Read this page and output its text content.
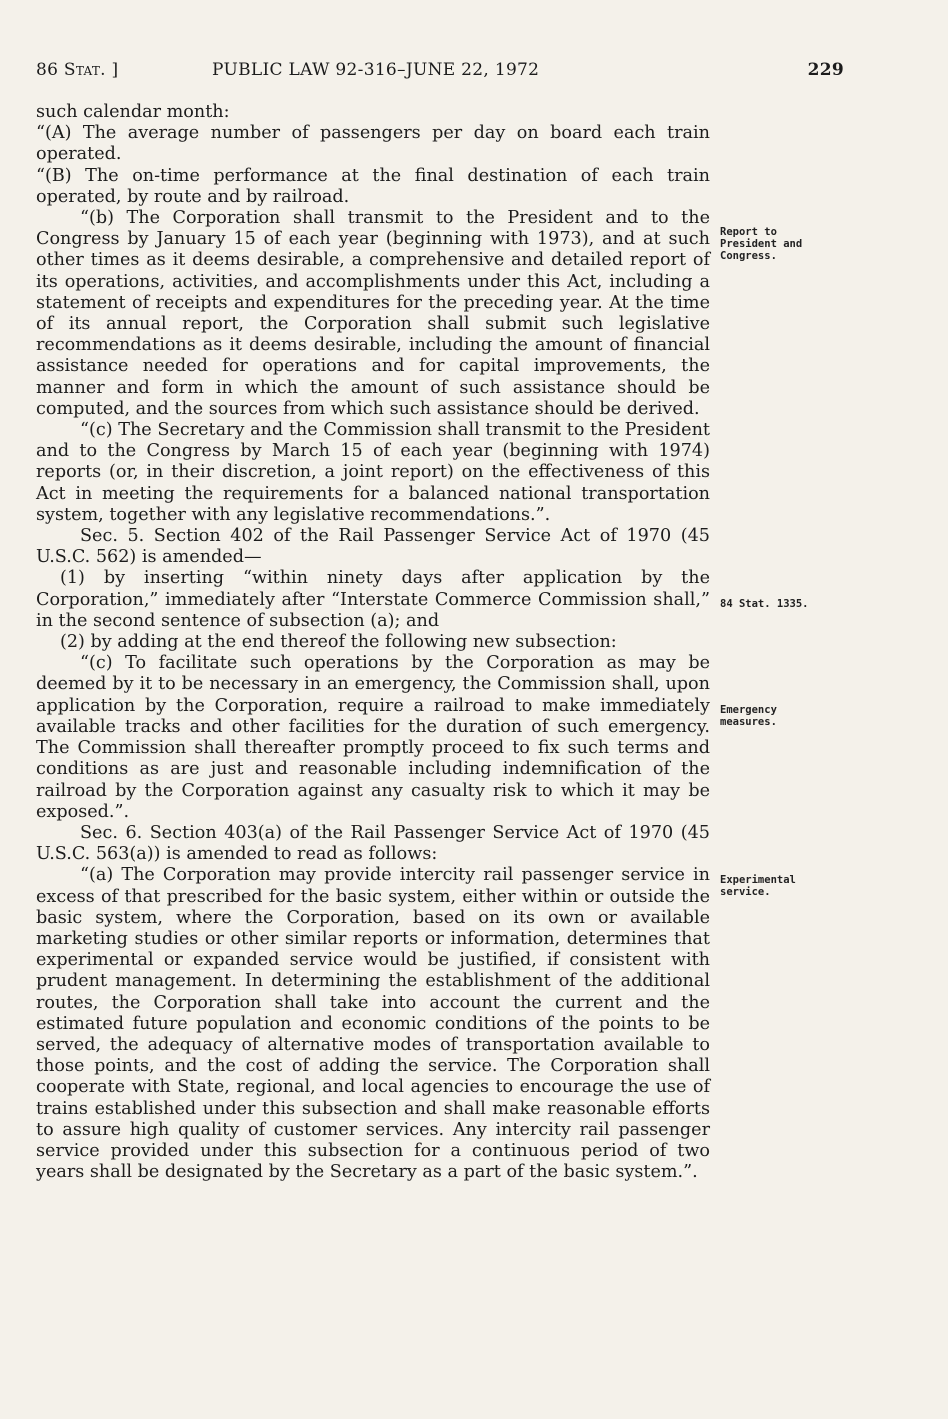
86 Stat. ]	PUBLIC LAW 92-316–JUNE 22, 1972	229

such calendar month:

“(A) The average number of passengers per day on board each train operated.

“(B) The on-time performance at the final destination of each train operated, by route and by railroad.

“(b) The Corporation shall transmit to the President and to the Congress by January 15 of each year (beginning with 1973), and at such other times as it deems desirable, a comprehensive and detailed report of its operations, activities, and accomplishments under this Act, including a statement of receipts and expenditures for the preceding year. At the time of its annual report, the Corporation shall submit such legislative recommendations as it deems desirable, including the amount of financial assistance needed for operations and for capital improvements, the manner and form in which the amount of such assistance should be computed, and the sources from which such assistance should be derived.

“(c) The Secretary and the Commission shall transmit to the President and to the Congress by March 15 of each year (beginning with 1974) reports (or, in their discretion, a joint report) on the effectiveness of this Act in meeting the requirements for a balanced national transportation system, together with any legislative recommendations.”.

Sec. 5. Section 402 of the Rail Passenger Service Act of 1970 (45 U.S.C. 562) is amended—

(1) by inserting “within ninety days after application by the Corporation,” immediately after “Interstate Commerce Commission shall,” in the second sentence of subsection (a); and

(2) by adding at the end thereof the following new subsection:

“(c) To facilitate such operations by the Corporation as may be deemed by it to be necessary in an emergency, the Commission shall, upon application by the Corporation, require a railroad to make immediately available tracks and other facilities for the duration of such emergency. The Commission shall thereafter promptly proceed to fix such terms and conditions as are just and reasonable including indemnification of the railroad by the Corporation against any casualty risk to which it may be exposed.”.

Sec. 6. Section 403(a) of the Rail Passenger Service Act of 1970 (45 U.S.C. 563(a)) is amended to read as follows:

“(a) The Corporation may provide intercity rail passenger service in excess of that prescribed for the basic system, either within or outside the basic system, where the Corporation, based on its own or available marketing studies or other similar reports or information, determines that experimental or expanded service would be justified, if consistent with prudent management. In determining the establishment of the additional routes, the Corporation shall take into account the current and the estimated future population and economic conditions of the points to be served, the adequacy of alternative modes of transportation available to those points, and the cost of adding the service. The Corporation shall cooperate with State, regional, and local agencies to encourage the use of trains established under this subsection and shall make reasonable efforts to assure high quality of customer services. Any intercity rail passenger service provided under this subsection for a continuous period of two years shall be designated by the Secretary as a part of the basic system.”.

Report to President and Congress.
84 Stat. 1335.
Emergency measures.
Experimental service.
